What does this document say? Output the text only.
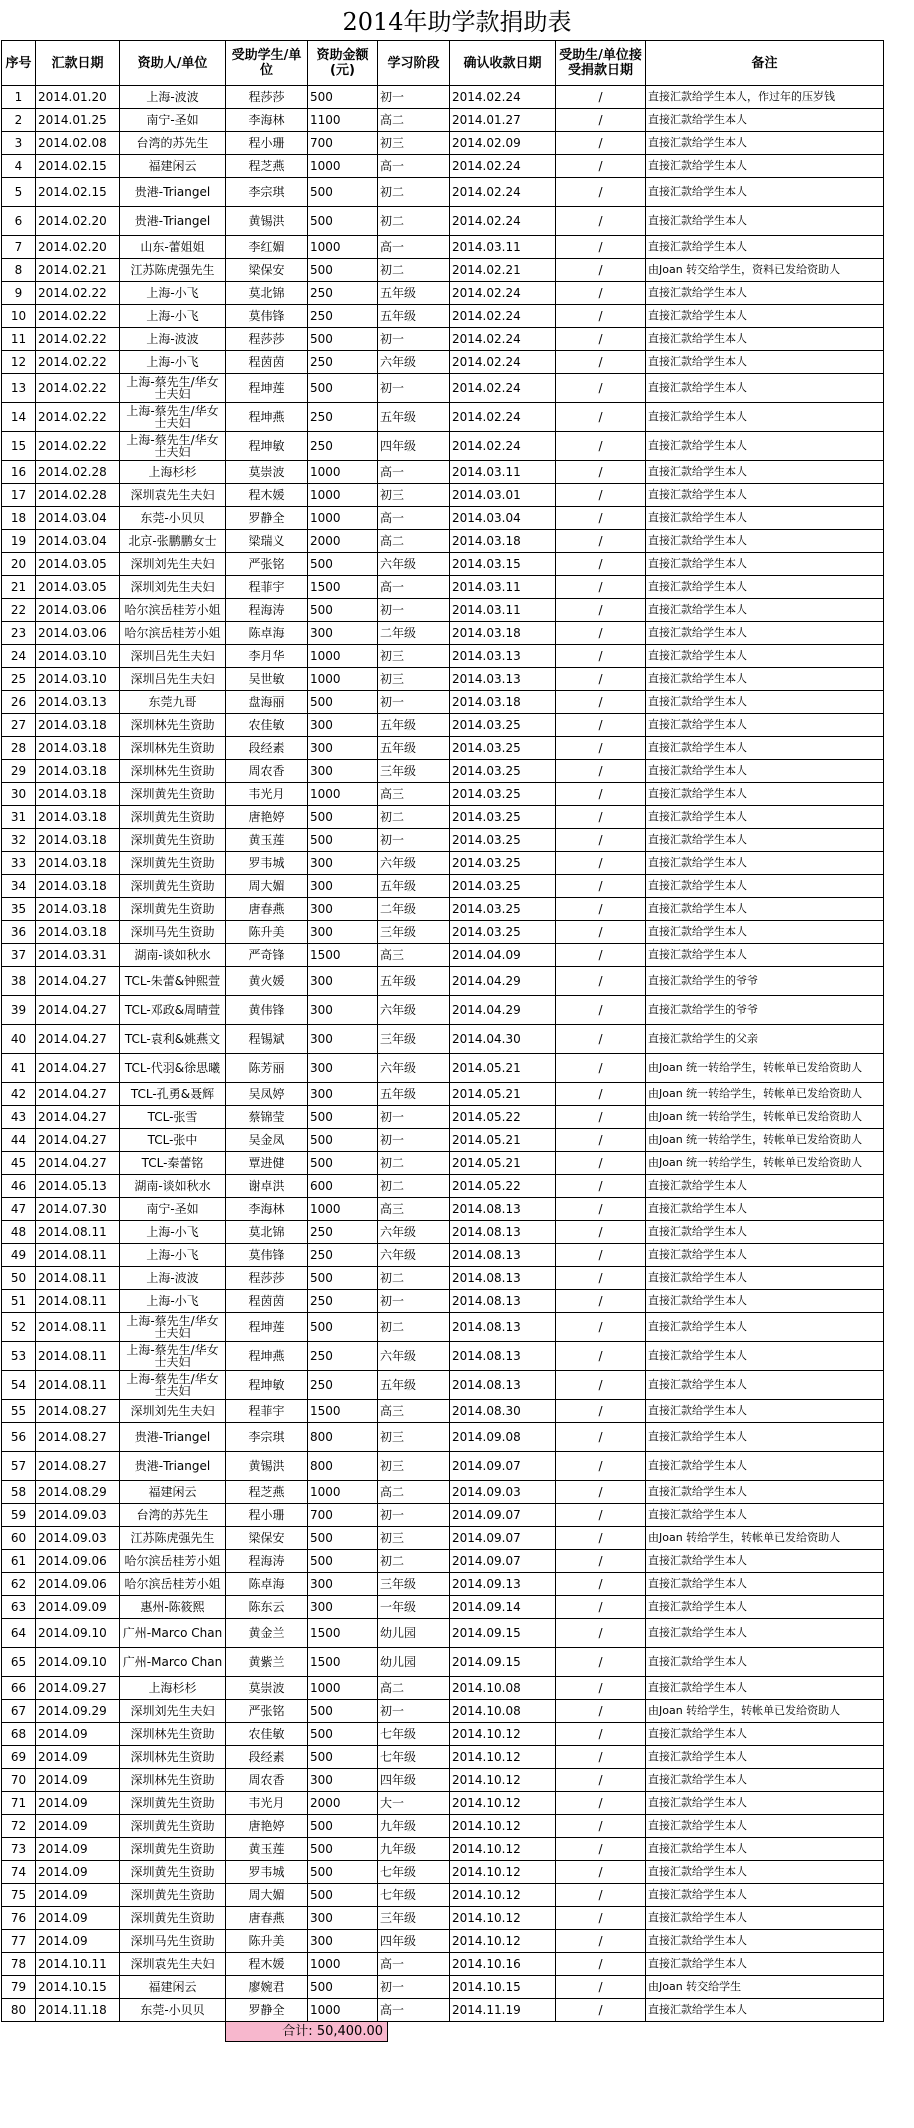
2014年助学款捐助表
序号	汇款日期	资助人/单位	受助学生/单位	资助金额(元)	学习阶段	确认收款日期	受助生/单位接受捐款日期	备注
1	2014.01.20	上海-波波	程莎莎	500	初一	2014.02.24	/	直接汇款给学生本人，作过年的压岁钱
2	2014.01.25	南宁-圣如	李海林	1100	高二	2014.01.27	/	直接汇款给学生本人
3	2014.02.08	台湾的苏先生	程小珊	700	初三	2014.02.09	/	直接汇款给学生本人
4	2014.02.15	福建闲云	程芝燕	1000	高一	2014.02.24	/	直接汇款给学生本人
5	2014.02.15	贵港-Triangel	李宗琪	500	初二	2014.02.24	/	直接汇款给学生本人
6	2014.02.20	贵港-Triangel	黄锡洪	500	初二	2014.02.24	/	直接汇款给学生本人
7	2014.02.20	山东-蕾姐姐	李红媚	1000	高一	2014.03.11	/	直接汇款给学生本人
8	2014.02.21	江苏陈虎强先生	梁保安	500	初二	2014.02.21	/	由Joan 转交给学生，资料已发给资助人
9	2014.02.22	上海-小飞	莫北锦	250	五年级	2014.02.24	/	直接汇款给学生本人
10	2014.02.22	上海-小飞	莫伟锋	250	五年级	2014.02.24	/	直接汇款给学生本人
11	2014.02.22	上海-波波	程莎莎	500	初一	2014.02.24	/	直接汇款给学生本人
12	2014.02.22	上海-小飞	程茵茵	250	六年级	2014.02.24	/	直接汇款给学生本人
13	2014.02.22	上海-蔡先生/华女士夫妇	程坤莲	500	初一	2014.02.24	/	直接汇款给学生本人
14	2014.02.22	上海-蔡先生/华女士夫妇	程坤燕	250	五年级	2014.02.24	/	直接汇款给学生本人
15	2014.02.22	上海-蔡先生/华女士夫妇	程坤敏	250	四年级	2014.02.24	/	直接汇款给学生本人
16	2014.02.28	上海杉杉	莫崇波	1000	高一	2014.03.11	/	直接汇款给学生本人
17	2014.02.28	深圳袁先生夫妇	程木媛	1000	初三	2014.03.01	/	直接汇款给学生本人
18	2014.03.04	东莞-小贝贝	罗静全	1000	高一	2014.03.04	/	直接汇款给学生本人
19	2014.03.04	北京-张鹏鹏女士	梁瑞义	2000	高二	2014.03.18	/	直接汇款给学生本人
20	2014.03.05	深圳刘先生夫妇	严张铭	500	六年级	2014.03.15	/	直接汇款给学生本人
21	2014.03.05	深圳刘先生夫妇	程菲宇	1500	高一	2014.03.11	/	直接汇款给学生本人
22	2014.03.06	哈尔滨岳桂芳小姐	程海涛	500	初一	2014.03.11	/	直接汇款给学生本人
23	2014.03.06	哈尔滨岳桂芳小姐	陈卓海	300	二年级	2014.03.18	/	直接汇款给学生本人
24	2014.03.10	深圳吕先生夫妇	李月华	1000	初三	2014.03.13	/	直接汇款给学生本人
25	2014.03.10	深圳吕先生夫妇	吴世敏	1000	初三	2014.03.13	/	直接汇款给学生本人
26	2014.03.13	东莞九哥	盘海丽	500	初一	2014.03.18	/	直接汇款给学生本人
27	2014.03.18	深圳林先生资助	农佳敏	300	五年级	2014.03.25	/	直接汇款给学生本人
28	2014.03.18	深圳林先生资助	段经素	300	五年级	2014.03.25	/	直接汇款给学生本人
29	2014.03.18	深圳林先生资助	周农香	300	三年级	2014.03.25	/	直接汇款给学生本人
30	2014.03.18	深圳黄先生资助	韦光月	1000	高三	2014.03.25	/	直接汇款给学生本人
31	2014.03.18	深圳黄先生资助	唐艳婷	500	初二	2014.03.25	/	直接汇款给学生本人
32	2014.03.18	深圳黄先生资助	黄玉莲	500	初一	2014.03.25	/	直接汇款给学生本人
33	2014.03.18	深圳黄先生资助	罗韦城	300	六年级	2014.03.25	/	直接汇款给学生本人
34	2014.03.18	深圳黄先生资助	周大媚	300	五年级	2014.03.25	/	直接汇款给学生本人
35	2014.03.18	深圳黄先生资助	唐春燕	300	二年级	2014.03.25	/	直接汇款给学生本人
36	2014.03.18	深圳马先生资助	陈升美	300	三年级	2014.03.25	/	直接汇款给学生本人
37	2014.03.31	湖南-谈如秋水	严奇锋	1500	高三	2014.04.09	/	直接汇款给学生本人
38	2014.04.27	TCL-朱蕾&钟熙萱	黄火媛	300	五年级	2014.04.29	/	直接汇款给学生的爷爷
39	2014.04.27	TCL-邓政&周晴萱	黄伟锋	300	六年级	2014.04.29	/	直接汇款给学生的爷爷
40	2014.04.27	TCL-袁利&姚燕文	程锡斌	300	三年级	2014.04.30	/	直接汇款给学生的父亲
41	2014.04.27	TCL-代羽&徐思曦	陈芳丽	300	六年级	2014.05.21	/	由Joan 统一转给学生，转帐单已发给资助人
42	2014.04.27	TCL-孔勇&聂辉	吴凤婷	300	五年级	2014.05.21	/	由Joan 统一转给学生，转帐单已发给资助人
43	2014.04.27	TCL-张雪	蔡锦莹	500	初一	2014.05.22	/	由Joan 统一转给学生，转帐单已发给资助人
44	2014.04.27	TCL-张中	吴金凤	500	初一	2014.05.21	/	由Joan 统一转给学生，转帐单已发给资助人
45	2014.04.27	TCL-秦蕾铭	覃进健	500	初二	2014.05.21	/	由Joan 统一转给学生，转帐单已发给资助人
46	2014.05.13	湖南-谈如秋水	谢卓洪	600	初二	2014.05.22	/	直接汇款给学生本人
47	2014.07.30	南宁-圣如	李海林	1000	高三	2014.08.13	/	直接汇款给学生本人
48	2014.08.11	上海-小飞	莫北锦	250	六年级	2014.08.13	/	直接汇款给学生本人
49	2014.08.11	上海-小飞	莫伟锋	250	六年级	2014.08.13	/	直接汇款给学生本人
50	2014.08.11	上海-波波	程莎莎	500	初二	2014.08.13	/	直接汇款给学生本人
51	2014.08.11	上海-小飞	程茵茵	250	初一	2014.08.13	/	直接汇款给学生本人
52	2014.08.11	上海-蔡先生/华女士夫妇	程坤莲	500	初二	2014.08.13	/	直接汇款给学生本人
53	2014.08.11	上海-蔡先生/华女士夫妇	程坤燕	250	六年级	2014.08.13	/	直接汇款给学生本人
54	2014.08.11	上海-蔡先生/华女士夫妇	程坤敏	250	五年级	2014.08.13	/	直接汇款给学生本人
55	2014.08.27	深圳刘先生夫妇	程菲宇	1500	高三	2014.08.30	/	直接汇款给学生本人
56	2014.08.27	贵港-Triangel	李宗琪	800	初三	2014.09.08	/	直接汇款给学生本人
57	2014.08.27	贵港-Triangel	黄锡洪	800	初三	2014.09.07	/	直接汇款给学生本人
58	2014.08.29	福建闲云	程芝燕	1000	高二	2014.09.03	/	直接汇款给学生本人
59	2014.09.03	台湾的苏先生	程小珊	700	初一	2014.09.07	/	直接汇款给学生本人
60	2014.09.03	江苏陈虎强先生	梁保安	500	初三	2014.09.07	/	由Joan 转给学生，转帐单已发给资助人
61	2014.09.06	哈尔滨岳桂芳小姐	程海涛	500	初二	2014.09.07	/	直接汇款给学生本人
62	2014.09.06	哈尔滨岳桂芳小姐	陈卓海	300	三年级	2014.09.13	/	直接汇款给学生本人
63	2014.09.09	惠州-陈筱熙	陈东云	300	一年级	2014.09.14	/	直接汇款给学生本人
64	2014.09.10	广州-Marco Chan	黄金兰	1500	幼儿园	2014.09.15	/	直接汇款给学生本人
65	2014.09.10	广州-Marco Chan	黄紫兰	1500	幼儿园	2014.09.15	/	直接汇款给学生本人
66	2014.09.27	上海杉杉	莫崇波	1000	高二	2014.10.08	/	直接汇款给学生本人
67	2014.09.29	深圳刘先生夫妇	严张铭	500	初一	2014.10.08	/	由Joan 转给学生，转帐单已发给资助人
68	2014.09	深圳林先生资助	农佳敏	500	七年级	2014.10.12	/	直接汇款给学生本人
69	2014.09	深圳林先生资助	段经素	500	七年级	2014.10.12	/	直接汇款给学生本人
70	2014.09	深圳林先生资助	周农香	300	四年级	2014.10.12	/	直接汇款给学生本人
71	2014.09	深圳黄先生资助	韦光月	2000	大一	2014.10.12	/	直接汇款给学生本人
72	2014.09	深圳黄先生资助	唐艳婷	500	九年级	2014.10.12	/	直接汇款给学生本人
73	2014.09	深圳黄先生资助	黄玉莲	500	九年级	2014.10.12	/	直接汇款给学生本人
74	2014.09	深圳黄先生资助	罗韦城	500	七年级	2014.10.12	/	直接汇款给学生本人
75	2014.09	深圳黄先生资助	周大媚	500	七年级	2014.10.12	/	直接汇款给学生本人
76	2014.09	深圳黄先生资助	唐春燕	300	三年级	2014.10.12	/	直接汇款给学生本人
77	2014.09	深圳马先生资助	陈升美	300	四年级	2014.10.12	/	直接汇款给学生本人
78	2014.10.11	深圳袁先生夫妇	程木媛	1000	高一	2014.10.16	/	直接汇款给学生本人
79	2014.10.15	福建闲云	廖婉君	500	初一	2014.10.15	/	由Joan 转交给学生
80	2014.11.18	东莞-小贝贝	罗静全	1000	高一	2014.11.19	/	直接汇款给学生本人
合计: 50,400.00
